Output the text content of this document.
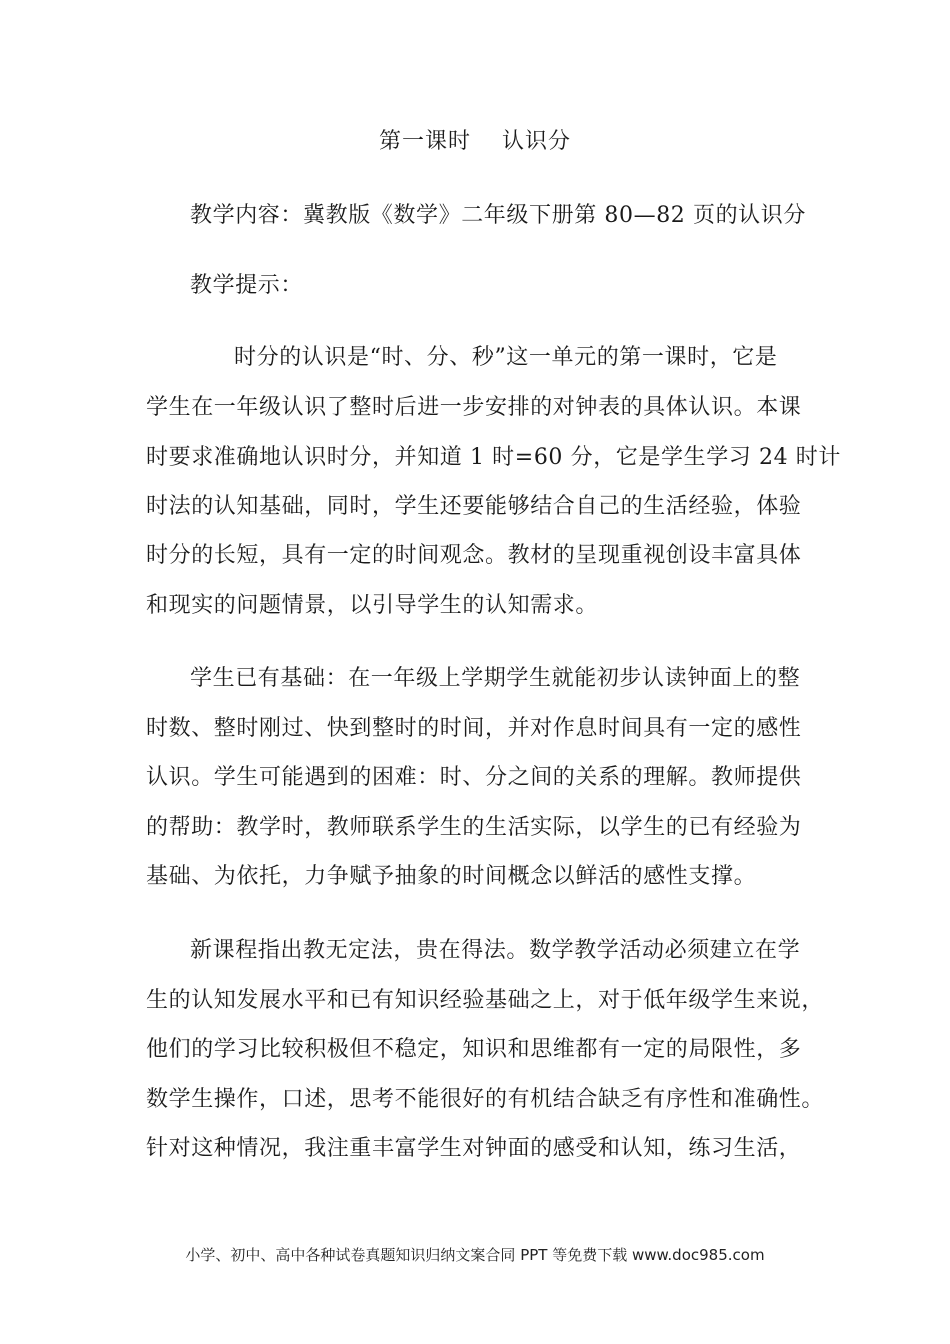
第一课时　 认识分
教学内容：冀教版《数学》二年级下册第 80—82 页的认识分
教学提示：
时分的认识是“时、分、秒”这一单元的第一课时，它是
学生在一年级认识了整时后进一步安排的对钟表的具体认识。本课
时要求准确地认识时分，并知道 1 时=60 分，它是学生学习 24 时计
时法的认知基础，同时，学生还要能够结合自己的生活经验，体验
时分的长短，具有一定的时间观念。教材的呈现重视创设丰富具体
和现实的问题情景，以引导学生的认知需求。
学生已有基础：在一年级上学期学生就能初步认读钟面上的整
时数、整时刚过、快到整时的时间，并对作息时间具有一定的感性
认识。学生可能遇到的困难：时、分之间的关系的理解。教师提供
的帮助：教学时，教师联系学生的生活实际，以学生的已有经验为
基础、为依托，力争赋予抽象的时间概念以鲜活的感性支撑。
新课程指出教无定法，贵在得法。数学教学活动必须建立在学
生的认知发展水平和已有知识经验基础之上，对于低年级学生来说，
他们的学习比较积极但不稳定，知识和思维都有一定的局限性，多
数学生操作，口述，思考不能很好的有机结合缺乏有序性和准确性。
针对这种情况，我注重丰富学生对钟面的感受和认知，练习生活，
小学、初中、高中各种试卷真题知识归纳文案合同 PPT 等免费下载 www.doc985.com
